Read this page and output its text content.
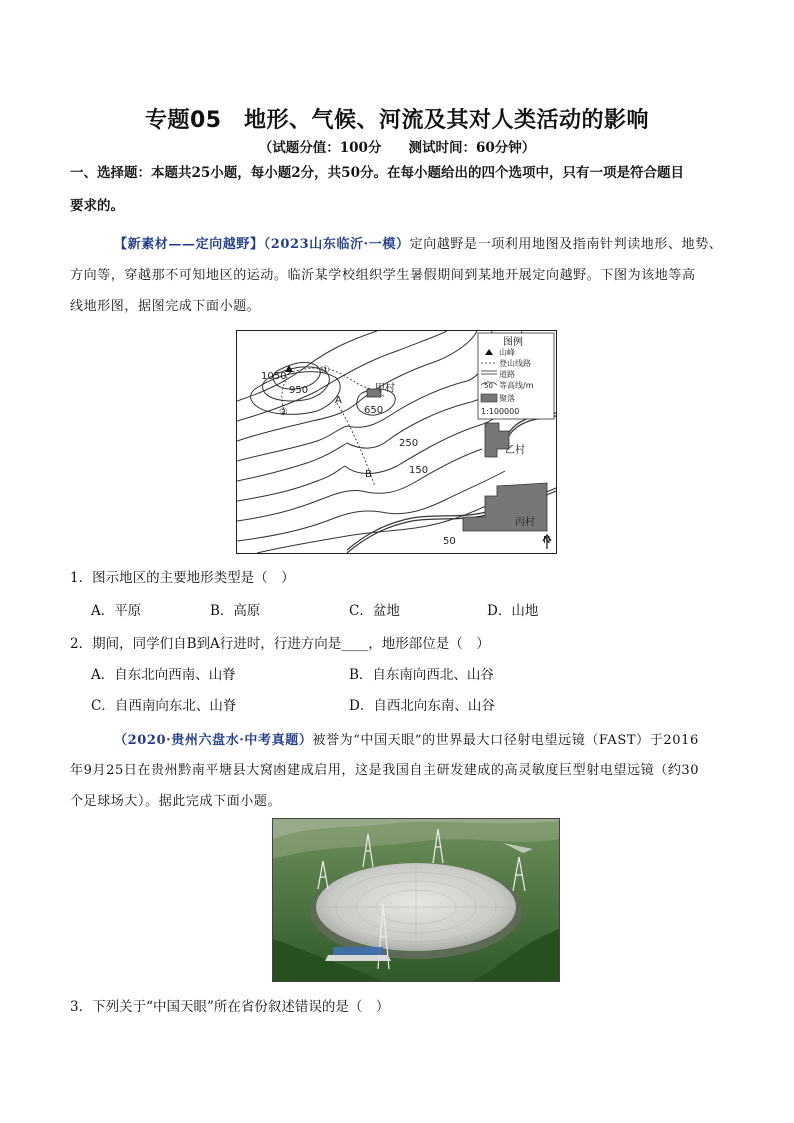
专题05　地形、气候、河流及其对人类活动的影响
（试题分值：100分　　测试时间：60分钟）
一、选择题：本题共25小题，每小题2分，共50分。在每小题给出的四个选项中，只有一项是符合题目
要求的。
【新素材——定向越野】（2023山东临沂·一模）定向越野是一项利用地图及指南针判读地形、地势、
方向等，穿越那不可知地区的运动。临沂某学校组织学生暑假期间到某地开展定向越野。下图为该地等高
线地形图，据图完成下面小题。
1050
950
650
250
150
50
①
②
A
B
甲村
乙村
丙村
N
图例
50
山峰
登山线路
道路
等高线/m
聚落
1:100000
1．图示地区的主要地形类型是（　）
A．平原	B．高原	C．盆地	D．山地
2．期间，同学们自B到A行进时，行进方向是____，地形部位是（　）
A．自东北向西南、山脊	B．自东南向西北、山谷
C．自西南向东北、山脊	D．自西北向东南、山谷
（2020·贵州六盘水·中考真题）被誉为“中国天眼”的世界最大口径射电望远镜（FAST）于2016
年9月25日在贵州黔南平塘县大窝凼建成启用，这是我国自主研发建成的高灵敏度巨型射电望远镜（约30
个足球场大）。据此完成下面小题。
3．下列关于“中国天眼”所在省份叙述错误的是（　）
